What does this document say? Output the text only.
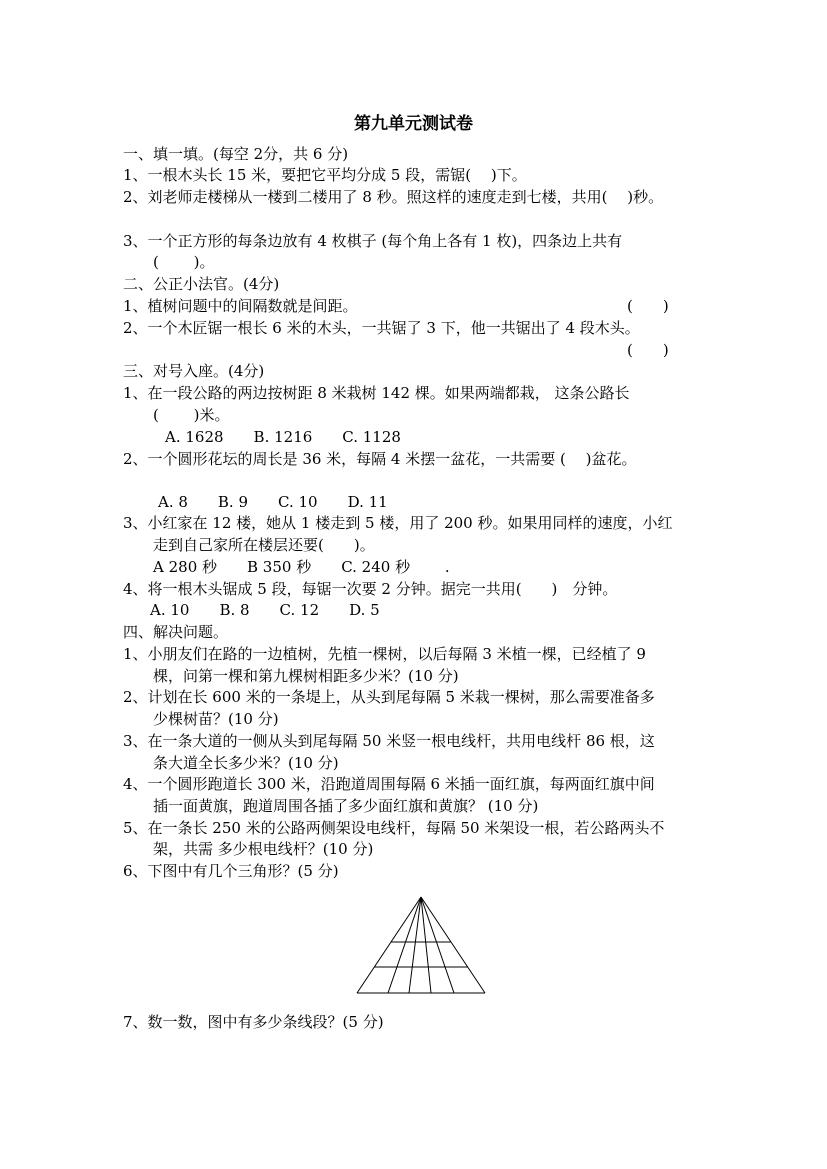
第九单元测试卷
一、填一填。(每空 2分，共 6 分)
1、一根木头长 15 米，要把它平均分成 5 段，需锯(　 )下。
2、刘老师走楼梯从一楼到二楼用了 8 秒。照这样的速度走到七楼，共用(　 )秒。
3、一个正方形的每条边放有 4 枚棋子 (每个角上各有 1 枚)，四条边上共有
(　　 )。
二、公正小法官。(4分)
1、植树问题中的间隔数就是间距。	(　　)
2、一个木匠锯一根长 6 米的木头，一共锯了 3 下，他一共锯出了 4 段木头。
(　　)
三、对号入座。(4分)
1、在一段公路的两边按树距 8 米栽树 142 棵。如果两端都栽， 这条公路长
(　　 )米。
A. 1628　　B. 1216　　C. 1128
2、一个圆形花坛的周长是 36 米，每隔 4 米摆一盆花，一共需要 (　 )盆花。
A. 8　　B. 9　　C. 10　　D. 11
3、小红家在 12 楼，她从 1 楼走到 5 楼，用了 200 秒。如果用同样的速度，小红
走到自己家所在楼层还要(　　)。
A 280 秒　　B 350 秒　　C. 240 秒　　 .
4、将一根木头锯成 5 段，每锯一次要 2 分钟。据完一共用(　　)　分钟。
A. 10　　B. 8　　C. 12　　D. 5
四、解决问题。
1、小朋友们在路的一边植树，先植一棵树，以后每隔 3 米植一棵，已经植了 9
棵，问第一棵和第九棵树相距多少米？(10 分)
2、计划在长 600 米的一条堤上，从头到尾每隔 5 米栽一棵树，那么需要准备多
少棵树苗？(10 分)
3、在一条大道的一侧从头到尾每隔 50 米竖一根电线杆，共用电线杆 86 根，这
条大道全长多少米？(10 分)
4、一个圆形跑道长 300 米，沿跑道周围每隔 6 米插一面红旗，每两面红旗中间
插一面黄旗，跑道周围各插了多少面红旗和黄旗？ (10 分)
5、在一条长 250 米的公路两侧架设电线杆，每隔 50 米架设一根，若公路两头不
架，共需 多少根电线杆？(10 分)
6、下图中有几个三角形？(5 分)
7、数一数，图中有多少条线段？(5 分)
